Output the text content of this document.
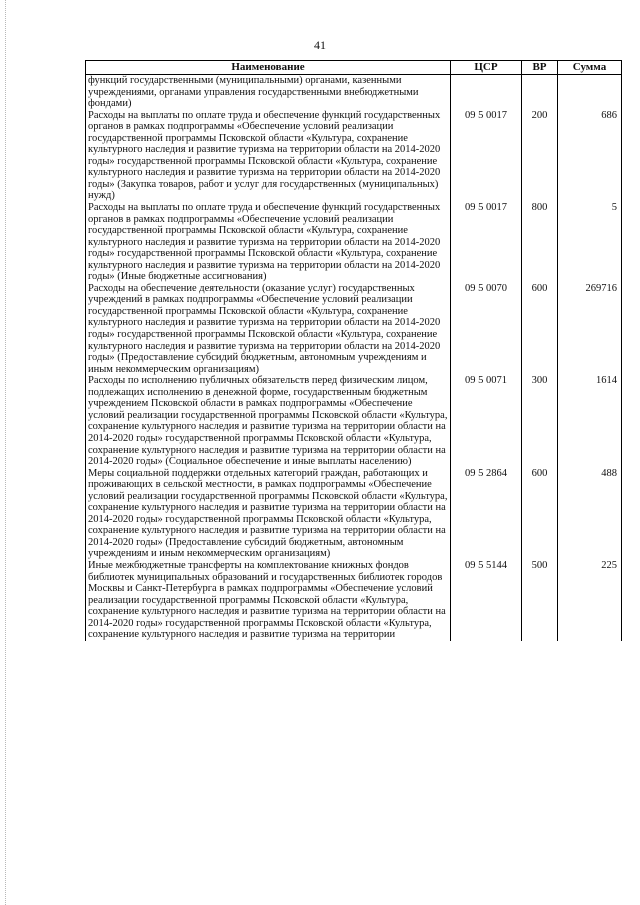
41
Наименование	ЦСР	ВР	Сумма
функций государственными (муниципальными) органами, казенными учреждениями, органами управления государственными внебюджетными фондами)			
Расходы на выплаты по оплате труда и обеспечение функций государственных органов в рамках подпрограммы «Обеспечение условий реализации государственной программы Псковской области «Культура, сохранение культурного наследия и развитие туризма на территории области на 2014-2020 годы» государственной программы Псковской области «Культура, сохранение культурного наследия и развитие туризма на территории области на 2014-2020 годы» (Закупка товаров, работ и услуг для государственных (муниципальных) нужд)	09 5 0017	200	686
Расходы на выплаты по оплате труда и обеспечение функций государственных органов в рамках подпрограммы «Обеспечение условий реализации государственной программы Псковской области «Культура, сохранение культурного наследия и развитие туризма на территории области на 2014-2020 годы» государственной программы Псковской области «Культура, сохранение культурного наследия и развитие туризма на территории области на 2014-2020 годы» (Иные бюджетные ассигнования)	09 5 0017	800	5
Расходы на обеспечение деятельности (оказание услуг) государственных учреждений в рамках подпрограммы «Обеспечение условий реализации государственной программы Псковской области «Культура, сохранение культурного наследия и развитие туризма на территории области на 2014-2020 годы» государственной программы Псковской области «Культура, сохранение культурного наследия и развитие туризма на территории области на 2014-2020 годы» (Предоставление субсидий бюджетным, автономным учреждениям и иным некоммерческим организациям)	09 5 0070	600	269716
Расходы по исполнению публичных обязательств перед физическим лицом, подлежащих исполнению в денежной форме, государственным бюджетным учреждением Псковской области в рамках подпрограммы «Обеспечение условий реализации государственной программы Псковской области «Культура, сохранение культурного наследия и развитие туризма на территории области на 2014-2020 годы» государственной программы Псковской области «Культура, сохранение культурного наследия и развитие туризма на территории области на 2014-2020 годы» (Социальное обеспечение и иные выплаты населению)	09 5 0071	300	1614
Меры социальной поддержки отдельных категорий граждан, работающих и проживающих в сельской местности, в рамках подпрограммы «Обеспечение условий реализации государственной программы Псковской области «Культура, сохранение культурного наследия и развитие туризма на территории области на 2014-2020 годы» государственной программы Псковской области «Культура, сохранение культурного наследия и развитие туризма на территории области на 2014-2020 годы» (Предоставление субсидий бюджетным, автономным учреждениям и иным некоммерческим организациям)	09 5 2864	600	488
Иные межбюджетные трансферты на комплектование книжных фондов библиотек муниципальных образований и государственных библиотек городов Москвы и Санкт-Петербурга в рамках подпрограммы «Обеспечение условий реализации государственной программы Псковской области «Культура, сохранение культурного наследия и развитие туризма на территории области на 2014-2020 годы» государственной программы Псковской области «Культура, сохранение культурного наследия и развитие туризма на территории	09 5 5144	500	225
